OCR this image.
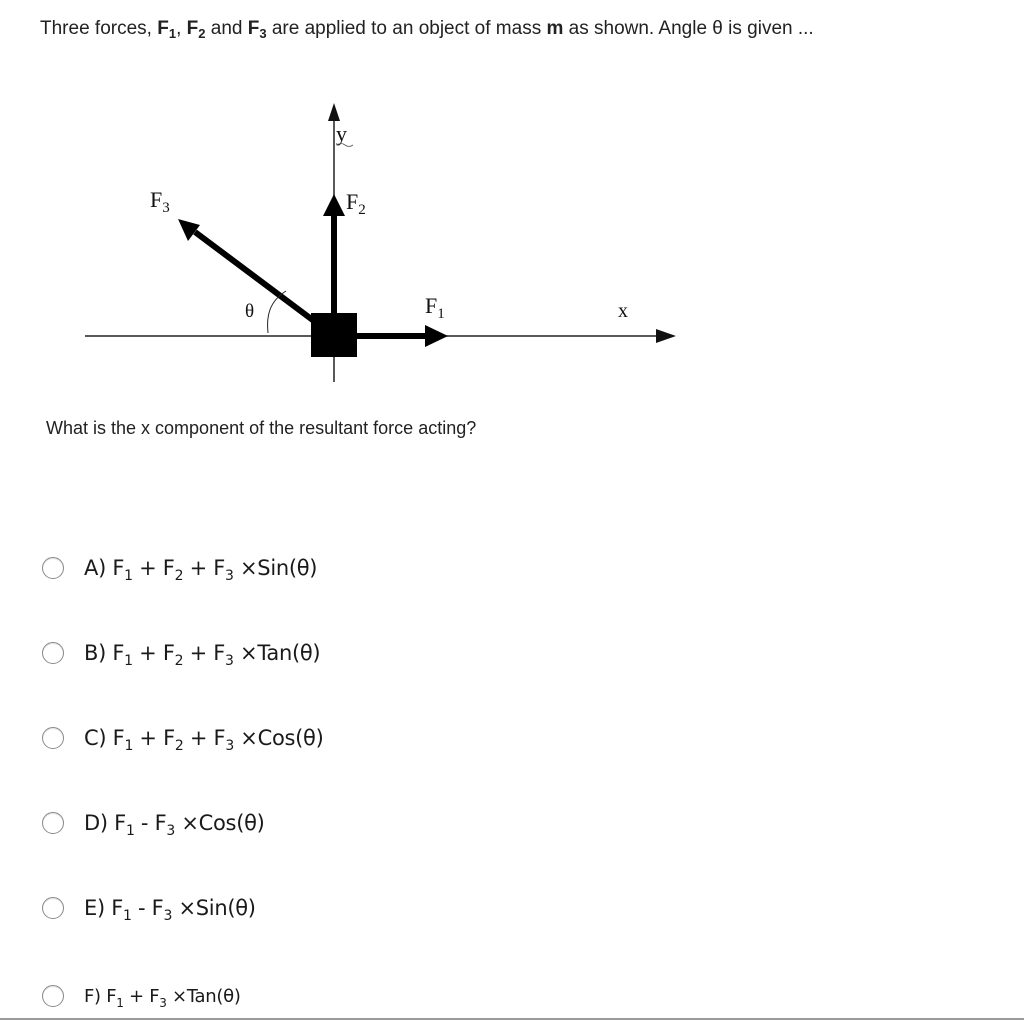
Three forces, $F_1$, $F_2$ and $F_3$ are applied to an object of mass m as shown. Angle θ is given ...
y
$F_2$
$F_3$
$F_1$
θ	x
What is the x component of the resultant force acting?
A) $F_1 + F_2 + F_3 \times Sin(\theta)$
B) $F_1 + F_2 + F_3 \times Tan(\theta)$
C) $F_1 + F_2 + F_3 \times Cos(\theta)$
D) $F_1 - F_3 \times Cos(\theta)$
E) $F_1 - F_3 \times Sin(\theta)$
F) $F_1 + F_3 \times Tan(\theta)$
